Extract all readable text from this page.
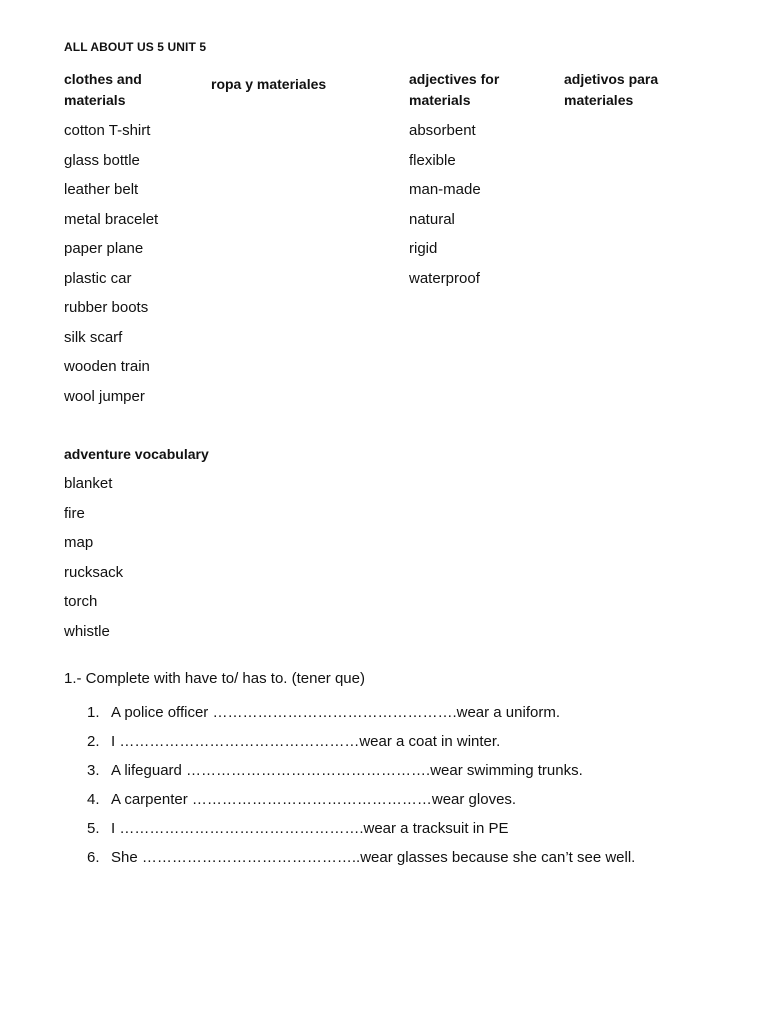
ALL ABOUT US 5 UNIT 5
clothes and
materials
ropa y materiales	adjectives for
materials
adjetivos para
materiales
cotton T-shirt
glass bottle
leather belt
metal bracelet
paper plane
plastic car
rubber boots
silk scarf
wooden train
wool jumper
absorbent
flexible
man-made
natural
rigid
waterproof
adventure vocabulary
blanket
fire
map
rucksack
torch
whistle
1.- Complete with have to/ has to. (tener que)
1. A police officer ………………………………………….wear a uniform.
2. I …………………………………………wear a coat in winter.
3. A lifeguard ………………………………………….wear swimming trunks.
4. A carpenter …………………………………………wear gloves.
5. I ………………………………………….wear a tracksuit in PE
6. She ……………………………………..wear glasses because she can’t see well.
